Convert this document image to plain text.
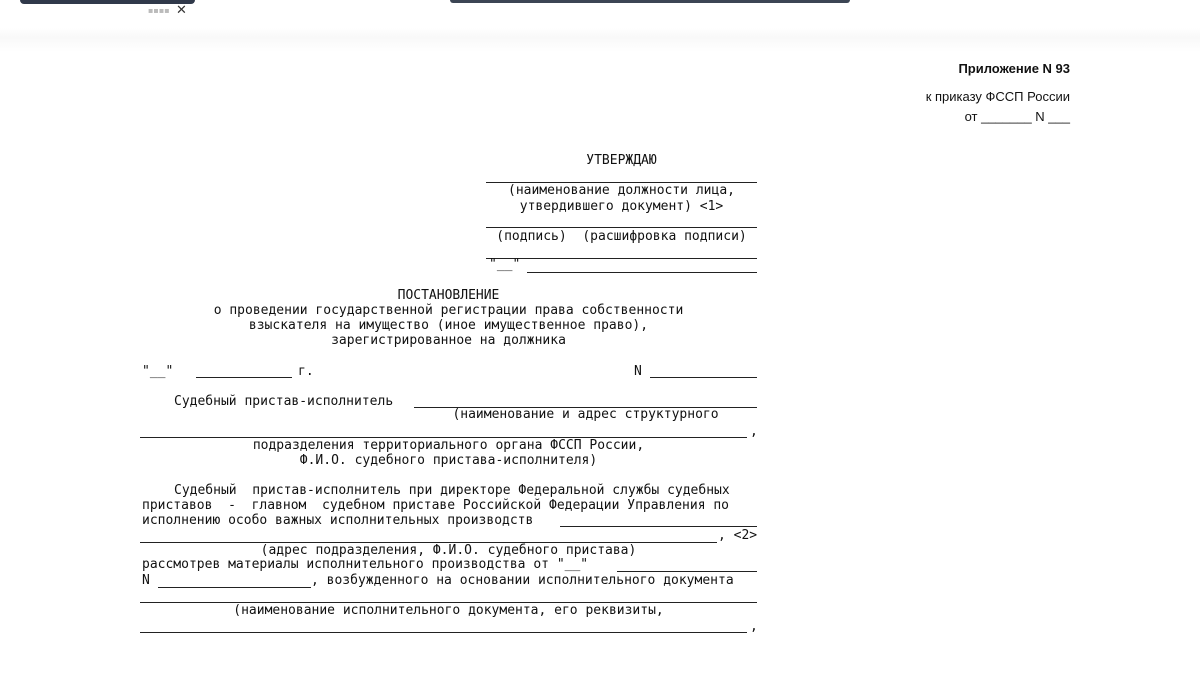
▪▪▪▪ ✕
Приложение N 93
к приказу ФССП России
от _______ N ___
УТВЕРЖДАЮ
(наименование должности лица,
утвердившего документ) <1>
(подпись)  (расшифровка подписи)
"__"
ПОСТАНОВЛЕНИЕ
о проведении государственной регистрации права собственности
взыскателя на имущество (иное имущественное право),
зарегистрированное на должника
"__"	г.	N
Судебный пристав-исполнитель
(наименование и адрес структурного
,
подразделения территориального органа ФССП России,
Ф.И.О. судебного пристава-исполнителя)
Судебный  пристав-исполнитель при директоре Федеральной службы судебных
приставов  -  главном  судебном приставе Российской Федерации Управления по
исполнению особо важных исполнительных производств
, <2>
(адрес подразделения, Ф.И.О. судебного пристава)
рассмотрев материалы исполнительного производства от "__"
N	, возбужденного на основании исполнительного документа
(наименование исполнительного документа, его реквизиты,
,
